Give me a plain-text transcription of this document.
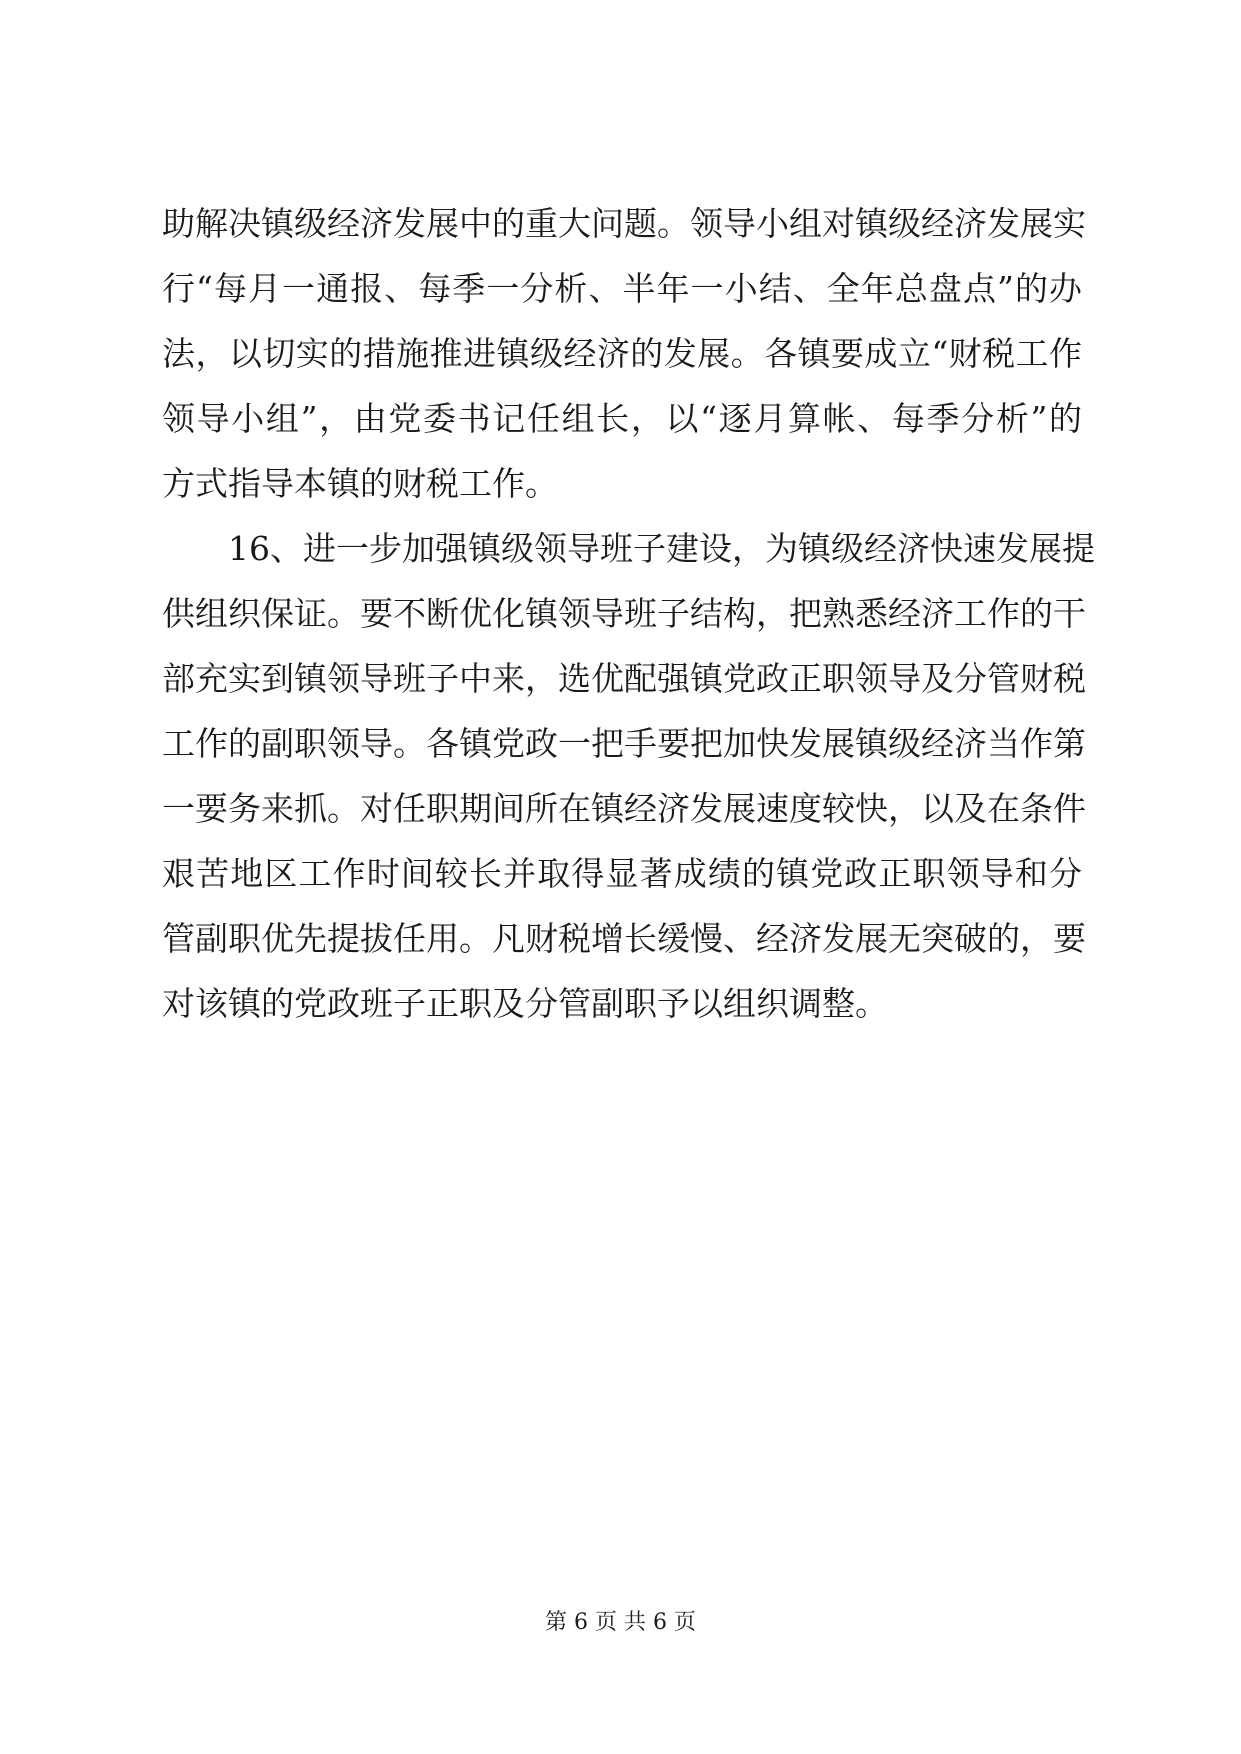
助解决镇级经济发展中的重大问题。领导小组对镇级经济发展实
行“每月一通报、每季一分析、半年一小结、全年总盘点”的办
法，以切实的措施推进镇级经济的发展。各镇要成立“财税工作
领导小组”，由党委书记任组长，以“逐月算帐、每季分析”的
方式指导本镇的财税工作。
16、进一步加强镇级领导班子建设，为镇级经济快速发展提
供组织保证。要不断优化镇领导班子结构，把熟悉经济工作的干
部充实到镇领导班子中来，选优配强镇党政正职领导及分管财税
工作的副职领导。各镇党政一把手要把加快发展镇级经济当作第
一要务来抓。对任职期间所在镇经济发展速度较快，以及在条件
艰苦地区工作时间较长并取得显著成绩的镇党政正职领导和分
管副职优先提拔任用。凡财税增长缓慢、经济发展无突破的，要
对该镇的党政班子正职及分管副职予以组织调整。
第 6 页 共 6 页
